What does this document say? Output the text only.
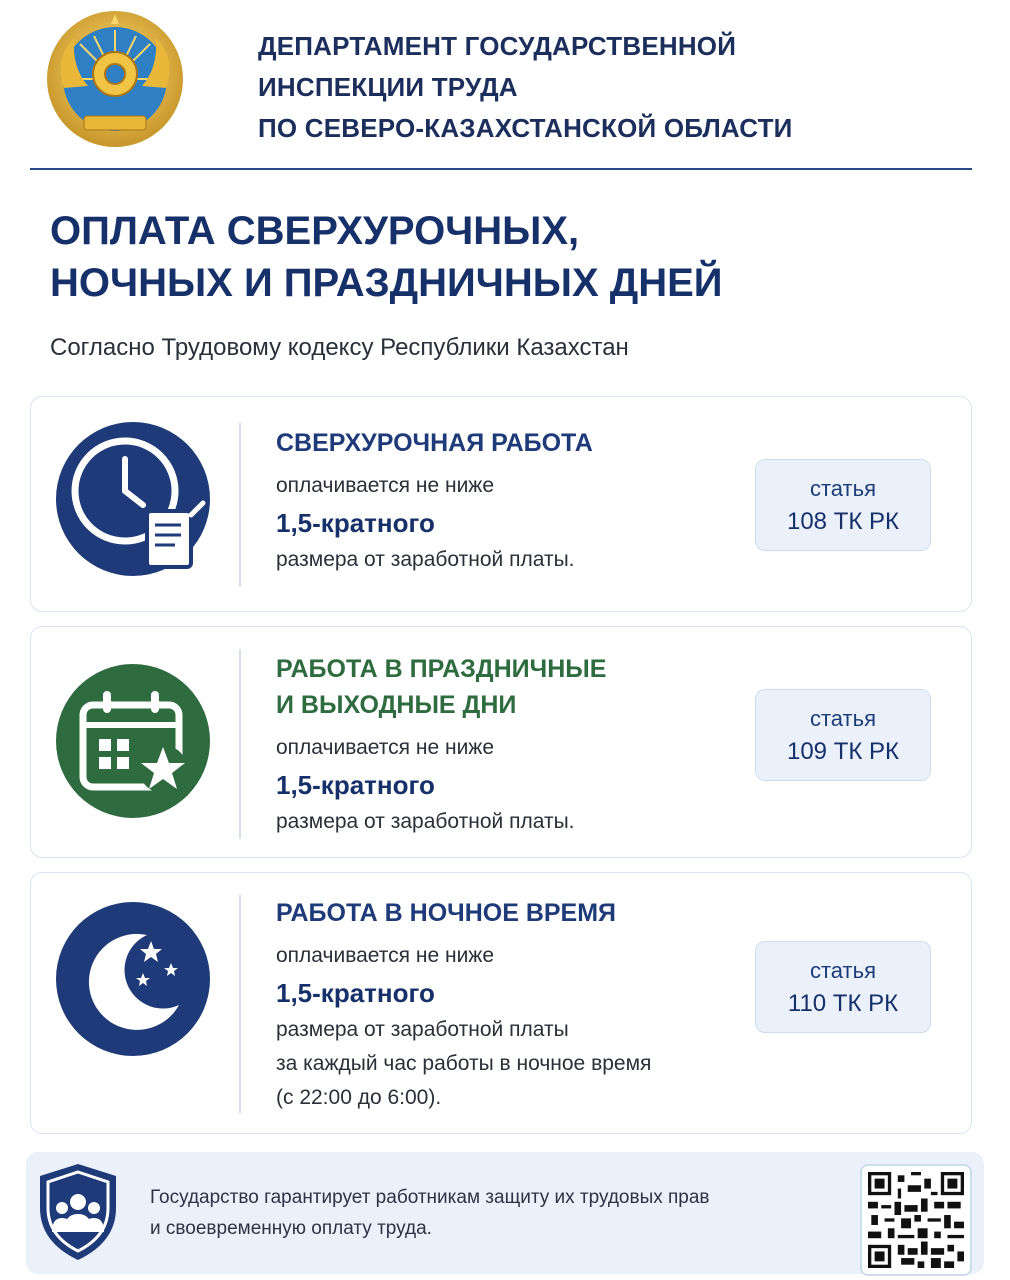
ДЕПАРТАМЕНТ ГОСУДАРСТВЕННОЙ
ИНСПЕКЦИИ ТРУДА
ПО СЕВЕРО-КАЗАХСТАНСКОЙ ОБЛАСТИ
ОПЛАТА СВЕРХУРОЧНЫХ,
НОЧНЫХ И ПРАЗДНИЧНЫХ ДНЕЙ
Согласно Трудовому кодексу Республики Казахстан
СВЕРХУРОЧНАЯ РАБОТА
оплачивается не ниже
1,5-кратного
размера от заработной платы.
статья
108 ТК РК
РАБОТА В ПРАЗДНИЧНЫЕ
И ВЫХОДНЫЕ ДНИ
оплачивается не ниже
1,5-кратного
размера от заработной платы.
статья
109 ТК РК
РАБОТА В НОЧНОЕ ВРЕМЯ
оплачивается не ниже
1,5-кратного
размера от заработной платы
за каждый час работы в ночное время
(с 22:00 до 6:00).
статья
110 ТК РК
Государство гарантирует работникам защиту их трудовых прав
и своевременную оплату труда.
